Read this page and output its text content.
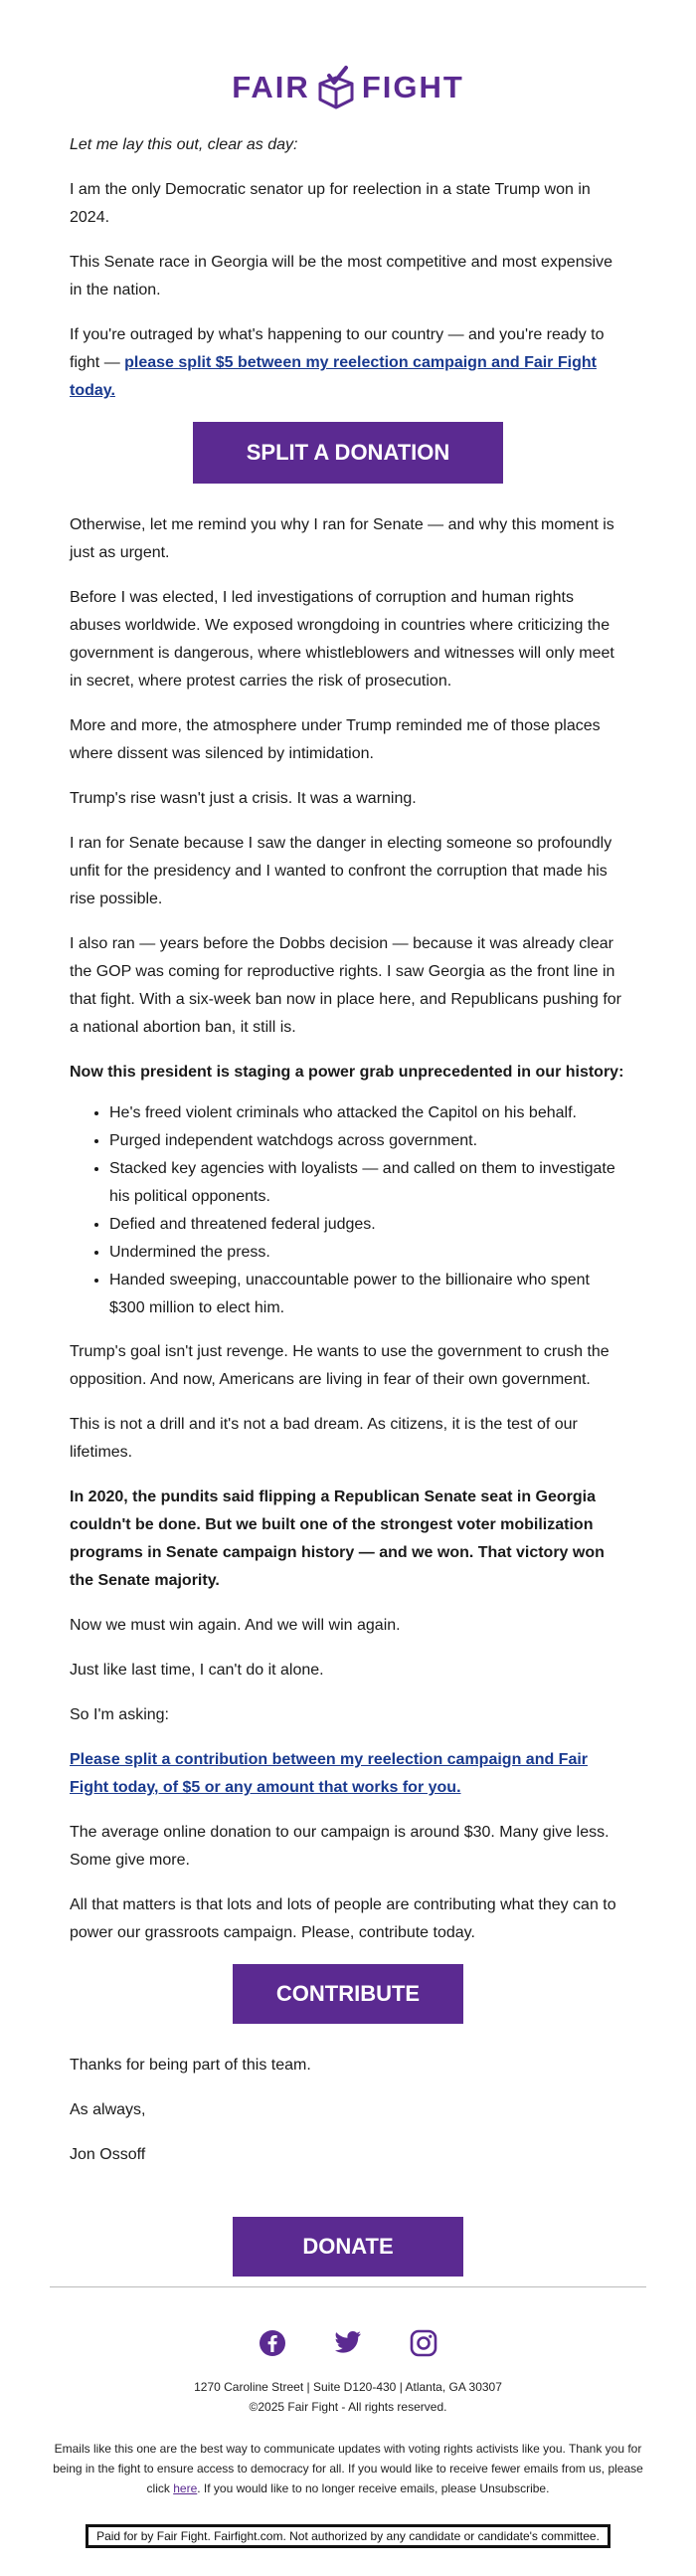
FAIR FIGHT

Let me lay this out, clear as day:

I am the only Democratic senator up for reelection in a state Trump won in 2024.

This Senate race in Georgia will be the most competitive and most expensive in the nation.

If you're outraged by what's happening to our country — and you're ready to fight — please split $5 between my reelection campaign and Fair Fight today.

SPLIT A DONATION

Otherwise, let me remind you why I ran for Senate — and why this moment is just as urgent.

Before I was elected, I led investigations of corruption and human rights abuses worldwide. We exposed wrongdoing in countries where criticizing the government is dangerous, where whistleblowers and witnesses will only meet in secret, where protest carries the risk of prosecution.

More and more, the atmosphere under Trump reminded me of those places where dissent was silenced by intimidation.

Trump's rise wasn't just a crisis. It was a warning.

I ran for Senate because I saw the danger in electing someone so profoundly unfit for the presidency and I wanted to confront the corruption that made his rise possible.

I also ran — years before the Dobbs decision — because it was already clear the GOP was coming for reproductive rights. I saw Georgia as the front line in that fight. With a six-week ban now in place here, and Republicans pushing for a national abortion ban, it still is.

Now this president is staging a power grab unprecedented in our history:

• He's freed violent criminals who attacked the Capitol on his behalf.
• Purged independent watchdogs across government.
• Stacked key agencies with loyalists — and called on them to investigate his political opponents.
• Defied and threatened federal judges.
• Undermined the press.
• Handed sweeping, unaccountable power to the billionaire who spent $300 million to elect him.

Trump's goal isn't just revenge. He wants to use the government to crush the opposition. And now, Americans are living in fear of their own government.

This is not a drill and it's not a bad dream. As citizens, it is the test of our lifetimes.

In 2020, the pundits said flipping a Republican Senate seat in Georgia couldn't be done. But we built one of the strongest voter mobilization programs in Senate campaign history — and we won. That victory won the Senate majority.

Now we must win again. And we will win again.

Just like last time, I can't do it alone.

So I'm asking:

Please split a contribution between my reelection campaign and Fair Fight today, of $5 or any amount that works for you.

The average online donation to our campaign is around $30. Many give less. Some give more.

All that matters is that lots and lots of people are contributing what they can to power our grassroots campaign. Please, contribute today.

CONTRIBUTE

Thanks for being part of this team.

As always,

Jon Ossoff

DONATE
1270 Caroline Street | Suite D120-430 | Atlanta, GA 30307
©2025 Fair Fight - All rights reserved.
Emails like this one are the best way to communicate updates with voting rights activists like you. Thank you for being in the fight to ensure access to democracy for all. If you would like to receive fewer emails from us, please click here. If you would like to no longer receive emails, please Unsubscribe.
Paid for by Fair Fight. Fairfight.com. Not authorized by any candidate or candidate's committee.
